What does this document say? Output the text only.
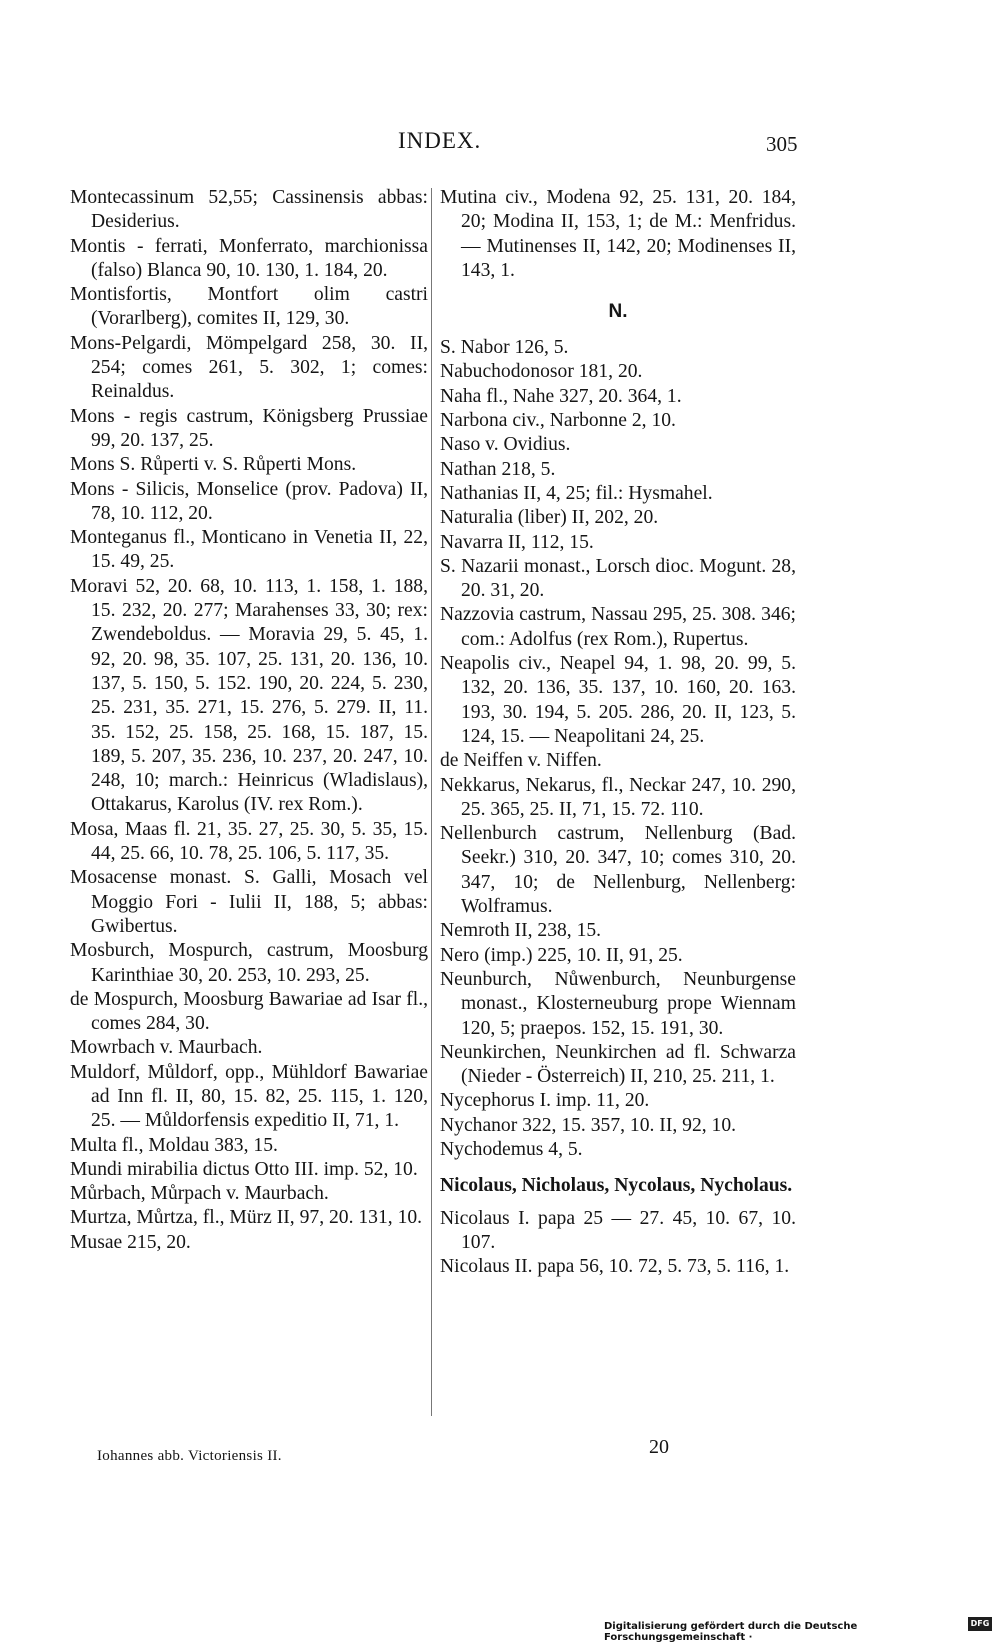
INDEX.	305
Montecassinum 52,55; Cassinensis abbas: Desiderius.
Montis - ferrati, Monferrato, marchionissa (falso) Blanca 90, 10. 130, 1. 184, 20.
Montisfortis, Montfort olim castri (Vorarlberg), comites II, 129, 30.
Mons-Pelgardi, Mömpelgard 258, 30. II, 254; comes 261, 5. 302, 1; comes: Reinaldus.
Mons - regis castrum, Königsberg Prussiae 99, 20. 137, 25.
Mons S. Růperti v. S. Růperti Mons.
Mons - Silicis, Monselice (prov. Padova) II, 78, 10. 112, 20.
Monteganus fl., Monticano in Venetia II, 22, 15. 49, 25.
Moravi 52, 20. 68, 10. 113, 1. 158, 1. 188, 15. 232, 20. 277; Marahenses 33, 30; rex: Zwendeboldus. — Moravia 29, 5. 45, 1. 92, 20. 98, 35. 107, 25. 131, 20. 136, 10. 137, 5. 150, 5. 152. 190, 20. 224, 5. 230, 25. 231, 35. 271, 15. 276, 5. 279. II, 11. 35. 152, 25. 158, 25. 168, 15. 187, 15. 189, 5. 207, 35. 236, 10. 237, 20. 247, 10. 248, 10; march.: Heinricus (Wladislaus), Ottakarus, Karolus (IV. rex Rom.).
Mosa, Maas fl. 21, 35. 27, 25. 30, 5. 35, 15. 44, 25. 66, 10. 78, 25. 106, 5. 117, 35.
Mosacense monast. S. Galli, Mosach vel Moggio Fori - Iulii II, 188, 5; abbas: Gwibertus.
Mosburch, Mospurch, castrum, Moosburg Karinthiae 30, 20. 253, 10. 293, 25.
de Mospurch, Moosburg Bawariae ad Isar fl., comes 284, 30.
Mowrbach v. Maurbach.
Muldorf, Můldorf, opp., Mühldorf Bawariae ad Inn fl. II, 80, 15. 82, 25. 115, 1. 120, 25. — Můldorfensis expeditio II, 71, 1.
Multa fl., Moldau 383, 15.
Mundi mirabilia dictus Otto III. imp. 52, 10.
Můrbach, Můrpach v. Maurbach.
Murtza, Můrtza, fl., Mürz II, 97, 20. 131, 10.
Musae 215, 20.
Mutina civ., Modena 92, 25. 131, 20. 184, 20; Modina II, 153, 1; de M.: Menfridus. — Mutinenses II, 142, 20; Modinenses II, 143, 1.
N.
S. Nabor 126, 5.
Nabuchodonosor 181, 20.
Naha fl., Nahe 327, 20. 364, 1.
Narbona civ., Narbonne 2, 10.
Naso v. Ovidius.
Nathan 218, 5.
Nathanias II, 4, 25; fil.: Hysmahel.
Naturalia (liber) II, 202, 20.
Navarra II, 112, 15.
S. Nazarii monast., Lorsch dioc. Mogunt. 28, 20. 31, 20.
Nazzovia castrum, Nassau 295, 25. 308. 346; com.: Adolfus (rex Rom.), Rupertus.
Neapolis civ., Neapel 94, 1. 98, 20. 99, 5. 132, 20. 136, 35. 137, 10. 160, 20. 163. 193, 30. 194, 5. 205. 286, 20. II, 123, 5. 124, 15. — Neapolitani 24, 25.
de Neiffen v. Niffen.
Nekkarus, Nekarus, fl., Neckar 247, 10. 290, 25. 365, 25. II, 71, 15. 72. 110.
Nellenburch castrum, Nellenburg (Bad. Seekr.) 310, 20. 347, 10; comes 310, 20. 347, 10; de Nellenburg, Nellenberg: Wolframus.
Nemroth II, 238, 15.
Nero (imp.) 225, 10. II, 91, 25.
Neunburch, Nůwenburch, Neunburgense monast., Klosterneuburg prope Wiennam 120, 5; praepos. 152, 15. 191, 30.
Neunkirchen, Neunkirchen ad fl. Schwarza (Nieder - Österreich) II, 210, 25. 211, 1.
Nycephorus I. imp. 11, 20.
Nychanor 322, 15. 357, 10. II, 92, 10.
Nychodemus 4, 5.
Nicolaus, Nicholaus, Nycolaus, Nycholaus.
Nicolaus I. papa 25 — 27. 45, 10. 67, 10. 107.
Nicolaus II. papa 56, 10. 72, 5. 73, 5. 116, 1.
Iohannes abb. Victoriensis II.	20
Digitalisierung gefördert durch die Deutsche Forschungsgemeinschaft ·
DFG
